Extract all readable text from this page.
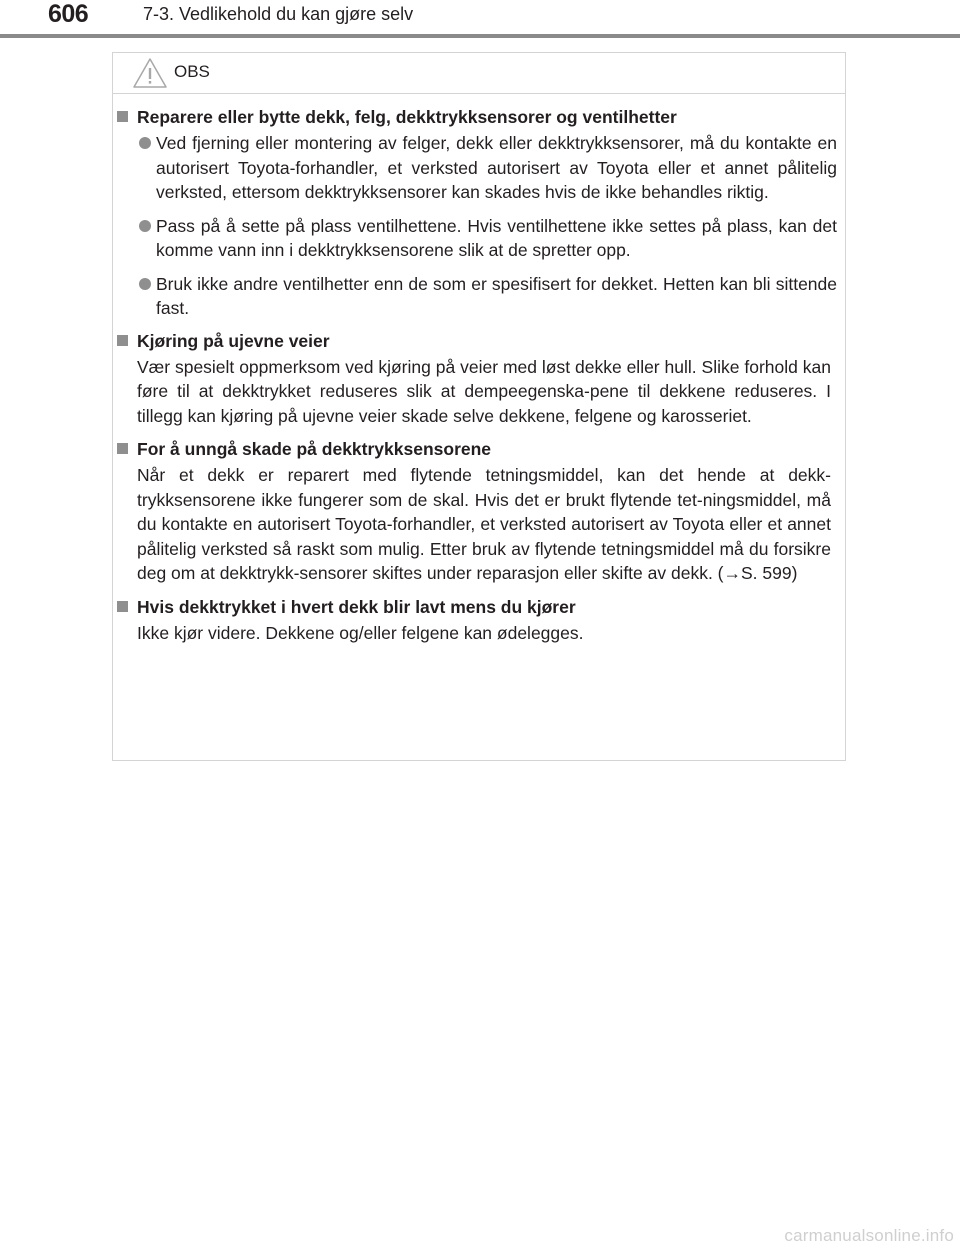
606	7-3. Vedlikehold du kan gjøre selv
OBS
Reparere eller bytte dekk, felg, dekktrykksensorer og ventilhetter
Ved fjerning eller montering av felger, dekk eller dekktrykksensorer, må du kontakte en autorisert Toyota-forhandler, et verksted autorisert av Toyota eller et annet pålitelig verksted, ettersom dekktrykksensorer kan skades hvis de ikke behandles riktig.
Pass på å sette på plass ventilhettene. Hvis ventilhettene ikke settes på plass, kan det komme vann inn i dekktrykksensorene slik at de spretter opp.
Bruk ikke andre ventilhetter enn de som er spesifisert for dekket. Hetten kan bli sittende fast.
Kjøring på ujevne veier
Vær spesielt oppmerksom ved kjøring på veier med løst dekke eller hull. Slike forhold kan føre til at dekktrykket reduseres slik at dempeegenska-pene til dekkene reduseres. I tillegg kan kjøring på ujevne veier skade selve dekkene, felgene og karosseriet.
For å unngå skade på dekktrykksensorene
Når et dekk er reparert med flytende tetningsmiddel, kan det hende at dekk-trykksensorene ikke fungerer som de skal. Hvis det er brukt flytende tet-ningsmiddel, må du kontakte en autorisert Toyota-forhandler, et verksted autorisert av Toyota eller et annet pålitelig verksted så raskt som mulig. Etter bruk av flytende tetningsmiddel må du forsikre deg om at dekktrykk-sensorer skiftes under reparasjon eller skifte av dekk. (→S. 599)
Hvis dekktrykket i hvert dekk blir lavt mens du kjører
Ikke kjør videre. Dekkene og/eller felgene kan ødelegges.
carmanualsonline.info
